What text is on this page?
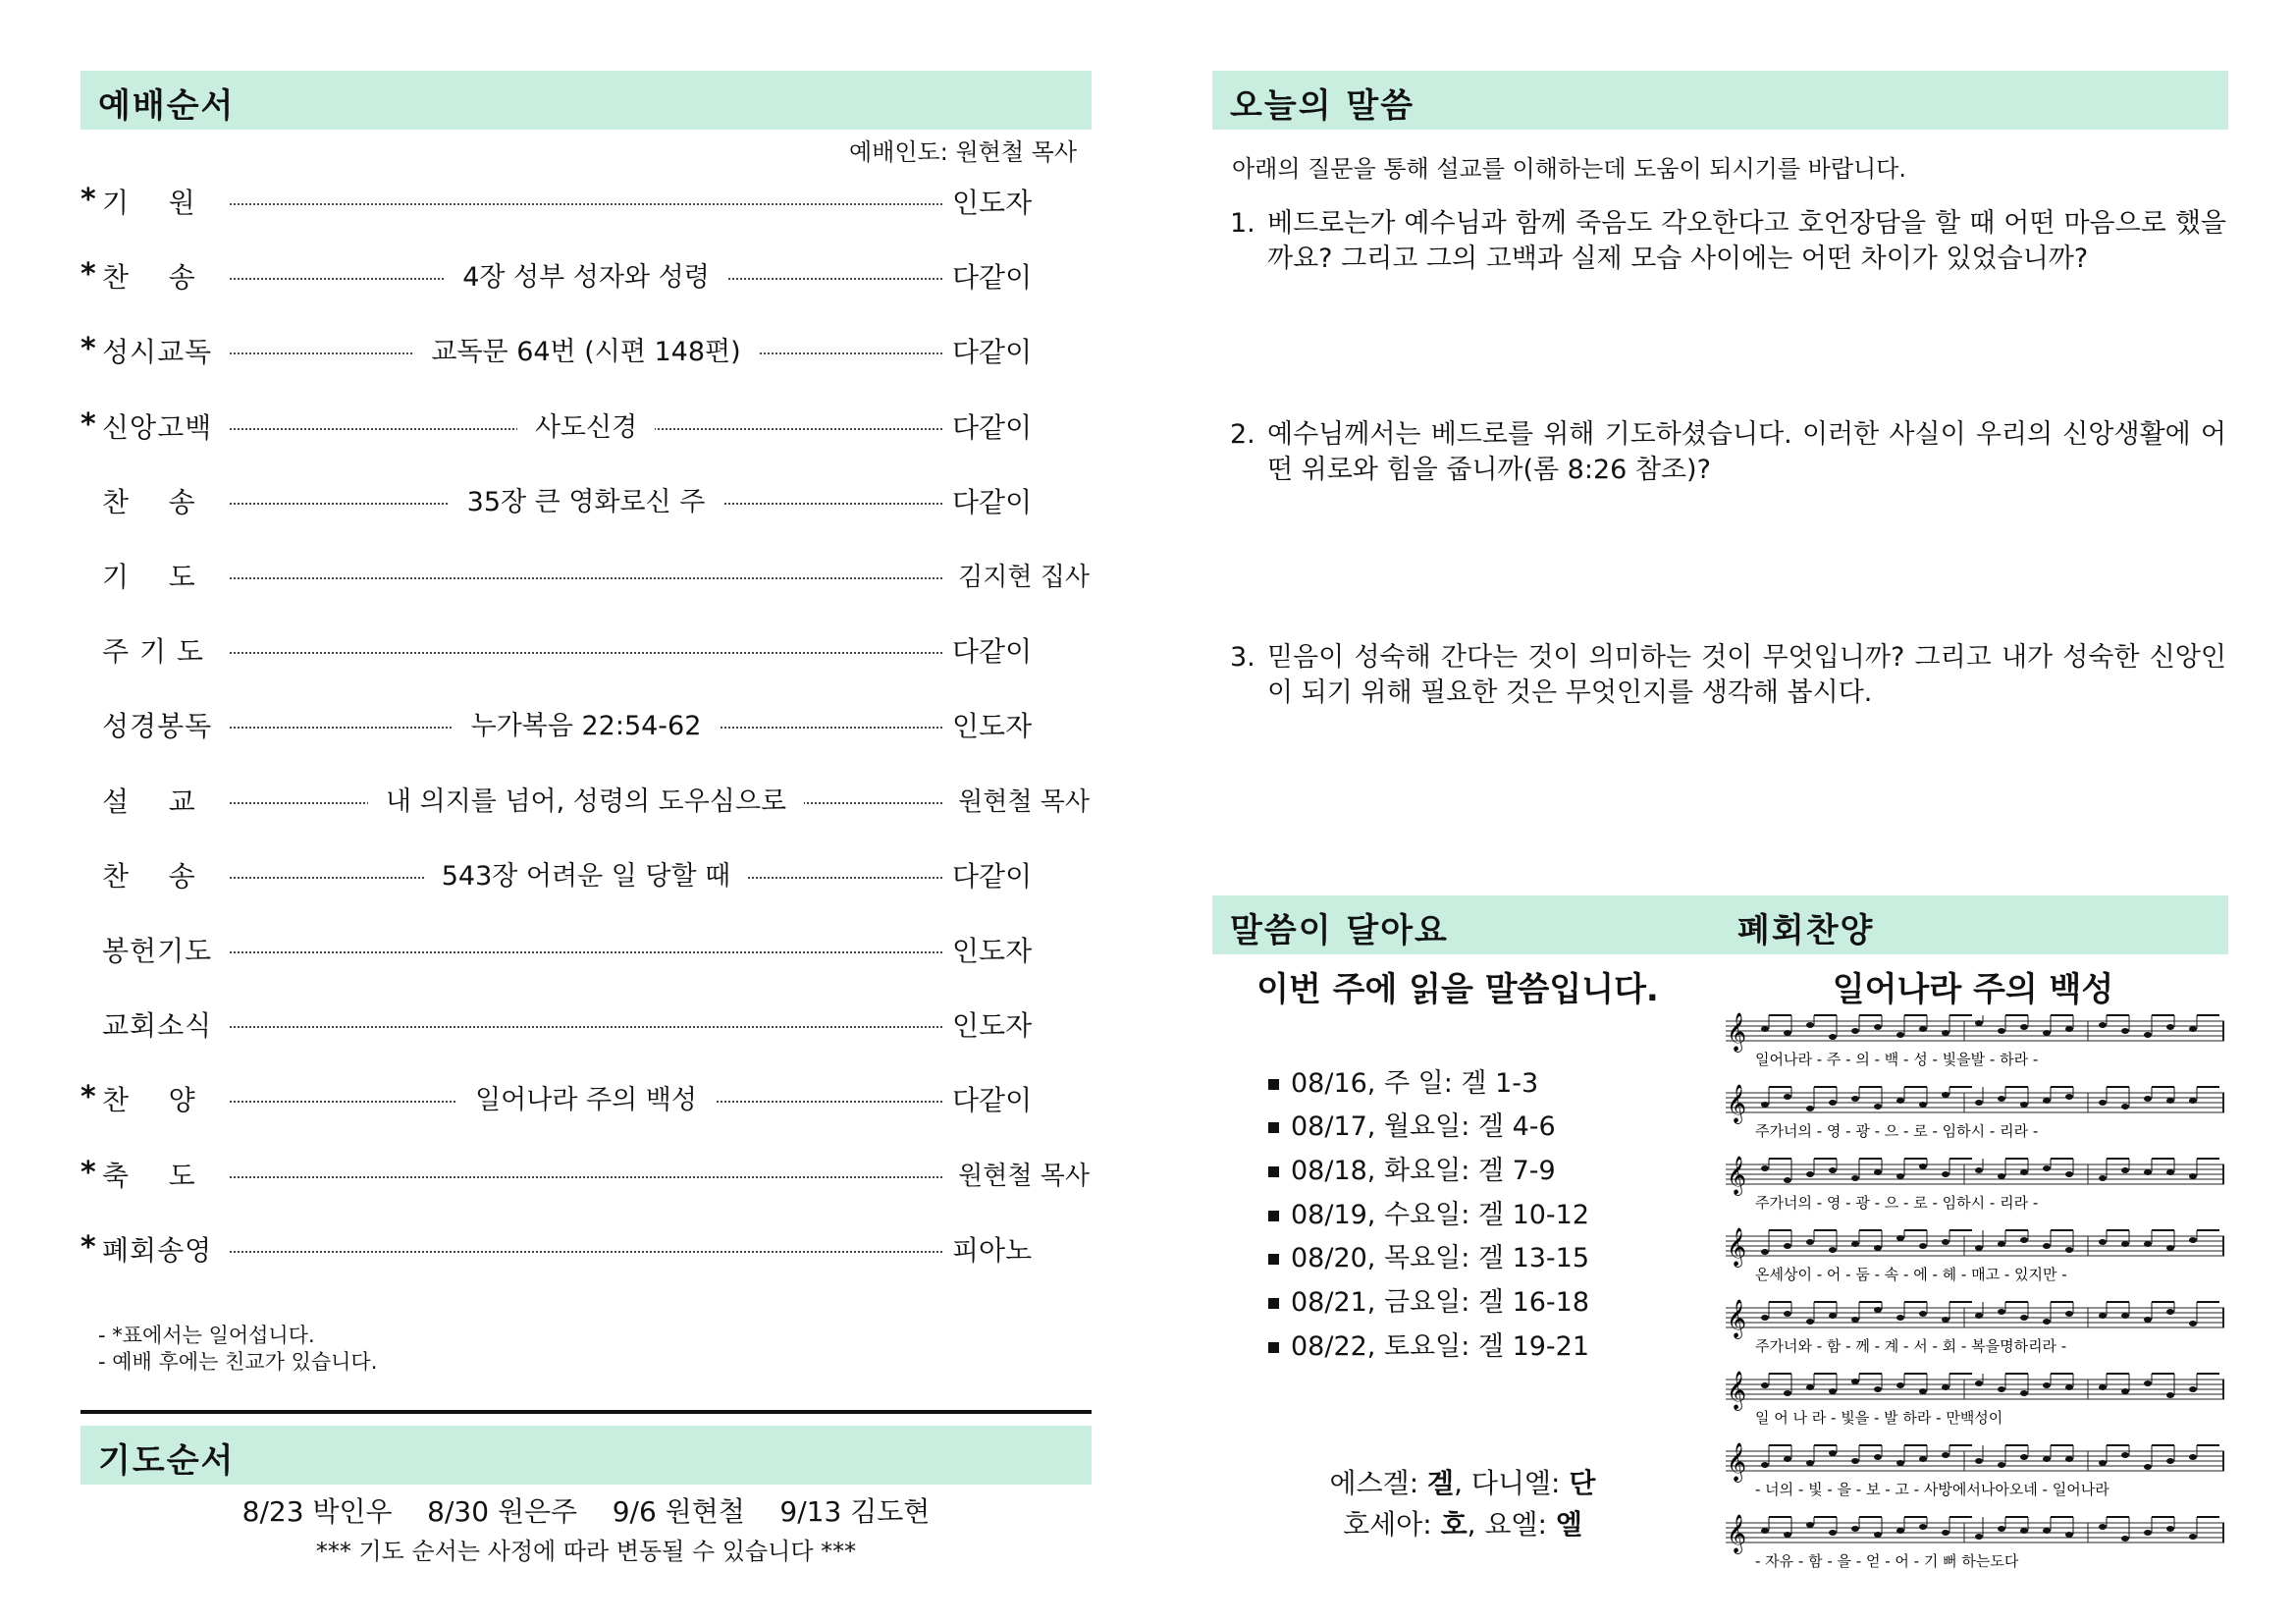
예배순서
예배인도: 원현철 목사
* 기    원	인도자
* 찬    송	4장 성부 성자와 성령	다같이
* 성시교독	교독문 64번 (시편 148편)	다같이
* 신앙고백	사도신경	다같이
찬    송	35장 큰 영화로신 주	다같이
기    도	김지현 집사
주 기 도	다같이
성경봉독	누가복음 22:54-62	인도자
설    교	내 의지를 넘어, 성령의 도우심으로	원현철 목사
찬    송	543장 어려운 일 당할 때	다같이
봉헌기도	인도자
교회소식	인도자
* 찬    양	일어나라 주의 백성	다같이
* 축    도	원현철 목사
* 폐회송영	피아노
- *표에서는 일어섭니다.
- 예배 후에는 친교가 있습니다.
기도순서
8/23 박인우    8/30 원은주    9/6 원현철    9/13 김도현
*** 기도 순서는 사정에 따라 변동될 수 있습니다 ***
오늘의 말씀
아래의 질문을 통해 설교를 이해하는데 도움이 되시기를 바랍니다.
1. 베드로는가 예수님과 함께 죽음도 각오한다고 호언장담을 할 때 어떤 마음으로 했을까요? 그리고 그의 고백과 실제 모습 사이에는 어떤 차이가 있었습니까?
2. 예수님께서는 베드로를 위해 기도하셨습니다. 이러한 사실이 우리의 신앙생활에 어떤 위로와 힘을 줍니까(롬 8:26 참조)?
3. 믿음이 성숙해 간다는 것이 의미하는 것이 무엇입니까? 그리고 내가 성숙한 신앙인이 되기 위해 필요한 것은 무엇인지를 생각해 봅시다.
말씀이 달아요	폐회찬양
이번 주에 읽을 말씀입니다.
08/16, 주 일: 겔 1-3
08/17, 월요일: 겔 4-6
08/18, 화요일: 겔 7-9
08/19, 수요일: 겔 10-12
08/20, 목요일: 겔 13-15
08/21, 금요일: 겔 16-18
08/22, 토요일: 겔 19-21
에스겔: 겔, 다니엘: 단
호세아: 호, 요엘: 엘
일어나라 주의 백성
𝄞
일어나라 - 주 - 의 - 백 - 성 - 빛을발 - 하라 -
𝄞
주가너의 - 영 - 광 - 으 - 로 - 임하시 - 리라 -
𝄞
주가너의 - 영 - 광 - 으 - 로 - 임하시 - 리라 -
𝄞
온세상이 - 어 - 둠 - 속 - 에 - 헤 - 매고 - 있지만 -
𝄞
주가너와 - 함 - 께 - 계 - 서 - 회 - 복을명하리라 -
𝄞
일 어 나 라 - 빛을 - 발 하라 - 만백성이
𝄞
- 너의 - 빛 - 을 - 보 - 고 - 사방에서나아오네 - 일어나라
𝄞
- 자유 - 함 - 을 - 얻 - 어 - 기 뻐 하는도다
